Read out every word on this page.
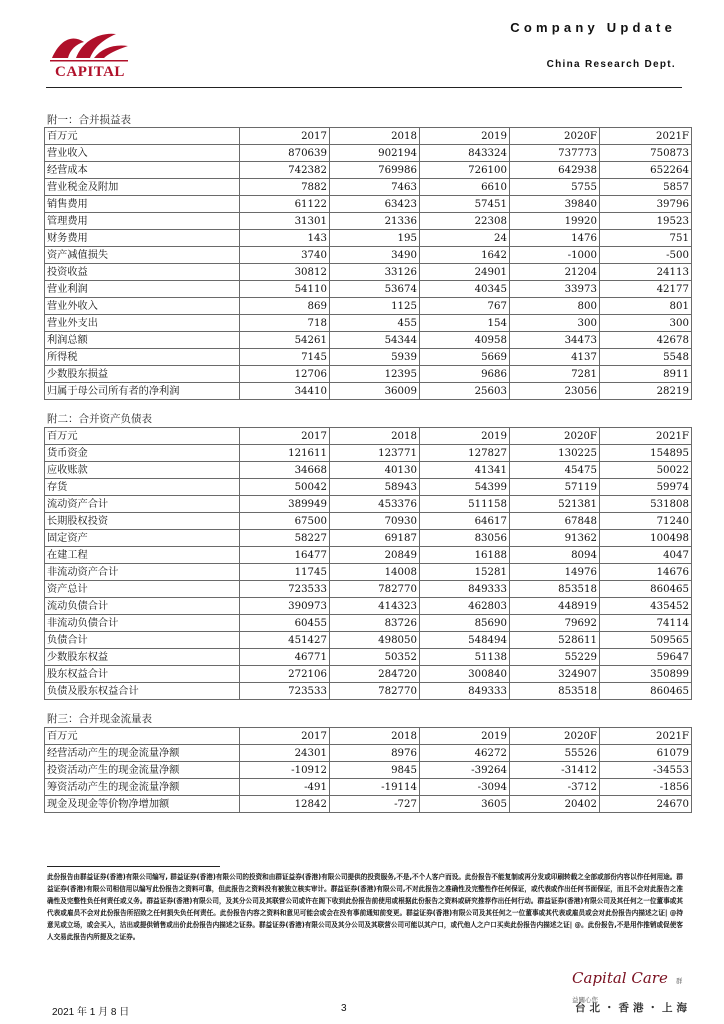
CAPITAL
Company Update
China Research Dept.
附一：合并损益表
百万元	2017	2018	2019	2020F	2021F
营业收入	870639	902194	843324	737773	750873
经营成本	742382	769986	726100	642938	652264
营业税金及附加	7882	7463	6610	5755	5857
销售费用	61122	63423	57451	39840	39796
管理费用	31301	21336	22308	19920	19523
财务费用	143	195	24	1476	751
资产减值损失	3740	3490	1642	-1000	-500
投资收益	30812	33126	24901	21204	24113
营业利润	54110	53674	40345	33973	42177
营业外收入	869	1125	767	800	801
营业外支出	718	455	154	300	300
利润总额	54261	54344	40958	34473	42678
所得税	7145	5939	5669	4137	5548
少数股东损益	12706	12395	9686	7281	8911
归属于母公司所有者的净利润	34410	36009	25603	23056	28219
附二：合并资产负债表
百万元	2017	2018	2019	2020F	2021F
货币资金	121611	123771	127827	130225	154895
应收账款	34668	40130	41341	45475	50022
存货	50042	58943	54399	57119	59974
流动资产合计	389949	453376	511158	521381	531808
长期股权投资	67500	70930	64617	67848	71240
固定资产	58227	69187	83056	91362	100498
在建工程	16477	20849	16188	8094	4047
非流动资产合计	11745	14008	15281	14976	14676
资产总计	723533	782770	849333	853518	860465
流动负债合计	390973	414323	462803	448919	435452
非流动负债合计	60455	83726	85690	79692	74114
负债合计	451427	498050	548494	528611	509565
少数股东权益	46771	50352	51138	55229	59647
股东权益合计	272106	284720	300840	324907	350899
负债及股东权益合计	723533	782770	849333	853518	860465
附三：合并现金流量表
百万元	2017	2018	2019	2020F	2021F
经营活动产生的现金流量净额	24301	8976	46272	55526	61079
投资活动产生的现金流量净额	-10912	9845	-39264	-31412	-34553
筹资活动产生的现金流量净额	-491	-19114	-3094	-3712	-1856
现金及现金等价物净增加额	12842	-727	3605	20402	24670
此份报告由群益证券(香港)有限公司编写, 群益证券(香港)有限公司的投资和由群证益券(香港)有限公司提供的投资服务,不是,不个人客户而设。此份报告不能复制或再分发或印刷转载之全部或部份内容以作任何用途。群益证券(香港)有限公司相信用以编写此份报告之资料可靠，但此报告之资料没有被独立核实审计。群益证券(香港)有限公司,不对此报告之准确性及完整性作任何保证，或代表或作出任何书面保证，而且不会对此报告之准确性及完整性负任何责任或义务。群益证券(香港)有限公司，及其分公司及其联营公司或许在阁下收到此份报告前使用或根据此份报告之资料或研究推荐作出任何行动。群益证券(香港)有限公司及其任何之一位董事或其代表或雇员不会对此份报告所招致之任何损失负任何责任。此份报告内容之资料和意见可能会或会在没有事前通知前变更。群益证券(香港)有限公司及其任何之一位董事或其代表或雇员或会对此份报告内描述之证| @持意见或立场，或会买入，沽出或提供销售或出价此份报告内描述之证券。群益证券(香港)有限公司及其分公司及其联营公司可能以其户口，或代他人之户口买卖此份报告内描述之证| @。此份报告,不是用作推销或促使客人交易此报告内所提及之证券。
Capital Care 群益關心您
台北・香港・上海
2021 年 1 月 8 日	3
